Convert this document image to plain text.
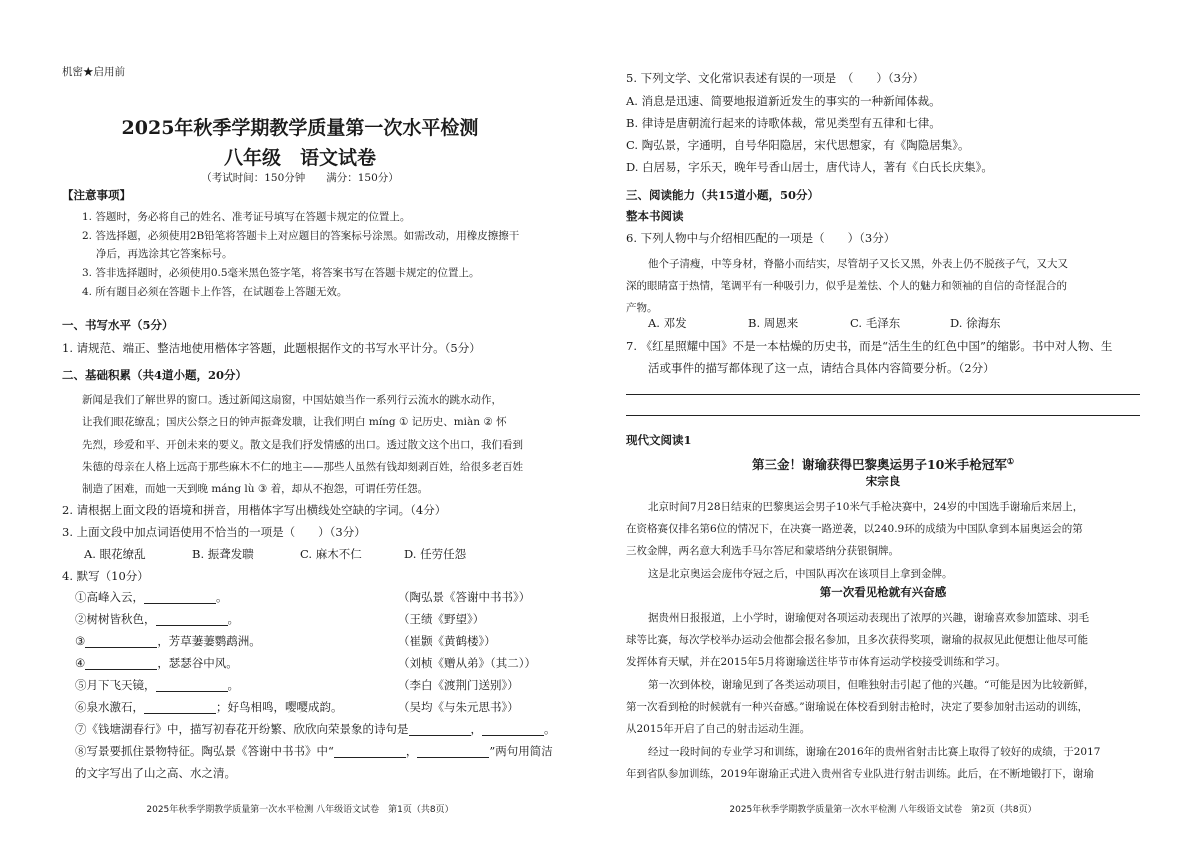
机密★启用前
2025年秋季学期教学质量第一次水平检测
八年级　语文试卷
（考试时间：150分钟　　满分：150分）
【注意事项】
1. 答题时，务必将自己的姓名、准考证号填写在答题卡规定的位置上。
2. 答选择题，必须使用2B铅笔将答题卡上对应题目的答案标号涂黑。如需改动，用橡皮擦擦干
净后，再选涂其它答案标号。
3. 答非选择题时，必须使用0.5毫米黑色签字笔，将答案书写在答题卡规定的位置上。
4. 所有题目必须在答题卡上作答，在试题卷上答题无效。
一、书写水平（5分）
1. 请规范、端正、整洁地使用楷体字答题，此题根据作文的书写水平计分。（5分）
二、基础积累（共4道小题，20分）
新闻是我们了解世界的窗口。透过新闻这扇窗，中国姑娘当作一系列行云流水的跳水动作，
让我们眼花缭乱；国庆公祭之日的钟声振聋发聩，让我们明白 míng ① 记历史、miàn ② 怀
先烈，珍爱和平、开创未来的要义。散文是我们抒发情感的出口。透过散文这个出口，我们看到
朱德的母亲在人格上远高于那些麻木不仁的地主——那些人虽然有钱却刻剥百姓，给很多老百姓
制造了困难，而她一天到晚 máng lù ③ 着，却从不抱怨，可谓任劳任怨。
2. 请根据上面文段的语境和拼音，用楷体字写出横线处空缺的字词。（4分）
3. 上面文段中加点词语使用不恰当的一项是（　　）（3分）
A. 眼花缭乱	B. 振聋发聩	C. 麻木不仁	D. 任劳任怨
4. 默写（10分）
①高峰入云，	。	（陶弘景《答谢中书书》）
②树树皆秋色，	。	（王绩《野望》）
③	，芳草萋萋鹦鹉洲。	（崔颢《黄鹤楼》）
④	，瑟瑟谷中风。	（刘桢《赠从弟》（其二））
⑤月下飞天镜，	。	（李白《渡荆门送别》）
⑥泉水激石，	；好鸟相鸣，嘤嘤成韵。	（吴均《与朱元思书》）
⑦《钱塘湖春行》中，描写初春花开纷繁、欣欣向荣景象的诗句是	，	。
⑧写景要抓住景物特征。陶弘景《答谢中书书》中“	，	”两句用简洁
的文字写出了山之高、水之清。
2025年秋季学期教学质量第一次水平检测 八年级语文试卷　第1页（共8页）
5. 下列文学、文化常识表述有误的一项是　（　　）（3分）
A. 消息是迅速、简要地报道新近发生的事实的一种新闻体裁。
B. 律诗是唐朝流行起来的诗歌体裁，常见类型有五律和七律。
C. 陶弘景，字通明，自号华阳隐居，宋代思想家，有《陶隐居集》。
D. 白居易，字乐天，晚年号香山居士，唐代诗人，著有《白氏长庆集》。
三、阅读能力（共15道小题，50分）
整本书阅读
6. 下列人物中与介绍相匹配的一项是（　　）（3分）
他个子清瘦，中等身材，脊骼小而结实，尽管胡子又长又黑，外表上仍不脱孩子气，又大又
深的眼睛富于热情，笔调平有一种吸引力，似乎是羞怯、个人的魅力和领袖的自信的奇怪混合的
产物。
A. 邓发	B. 周恩来	C. 毛泽东	D. 徐海东
7. 《红星照耀中国》不是一本枯燥的历史书，而是“活生生的红色中国”的缩影。书中对人物、生
活或事件的描写都体现了这一点，请结合具体内容简要分析。（2分）
现代文阅读1
第三金！谢瑜获得巴黎奥运男子10米手枪冠军①
宋宗良
北京时间7月28日结束的巴黎奥运会男子10米气手枪决赛中，24岁的中国选手谢瑜后来居上，
在资格赛仅排名第6位的情况下，在决赛一路逆袭，以240.9环的成绩为中国队拿到本届奥运会的第
三枚金牌，两名意大利选手马尔答尼和蒙塔纳分获银铜牌。
这是北京奥运会庞伟夺冠之后，中国队再次在该项目上拿到金牌。
第一次看见枪就有兴奋感
据贵州日报报道，上小学时，谢瑜便对各项运动表现出了浓厚的兴趣，谢瑜喜欢参加篮球、羽毛
球等比赛，每次学校举办运动会他都会报名参加，且多次获得奖项，谢瑜的叔叔见此便想让他尽可能
发挥体育天赋，并在2015年5月将谢瑜送往毕节市体育运动学校接受训练和学习。
第一次到体校，谢瑜见到了各类运动项目，但唯独射击引起了他的兴趣。“可能是因为比较新鲜，
第一次看到枪的时候就有一种兴奋感。”谢瑜说在体校看到射击枪时，决定了要参加射击运动的训练，
从2015年开启了自己的射击运动生涯。
经过一段时间的专业学习和训练，谢瑜在2016年的贵州省射击比赛上取得了较好的成绩，于2017
年到省队参加训练，2019年谢瑜正式进入贵州省专业队进行射击训练。此后，在不断地锻打下，谢瑜
2025年秋季学期教学质量第一次水平检测 八年级语文试卷　第2页（共8页）
